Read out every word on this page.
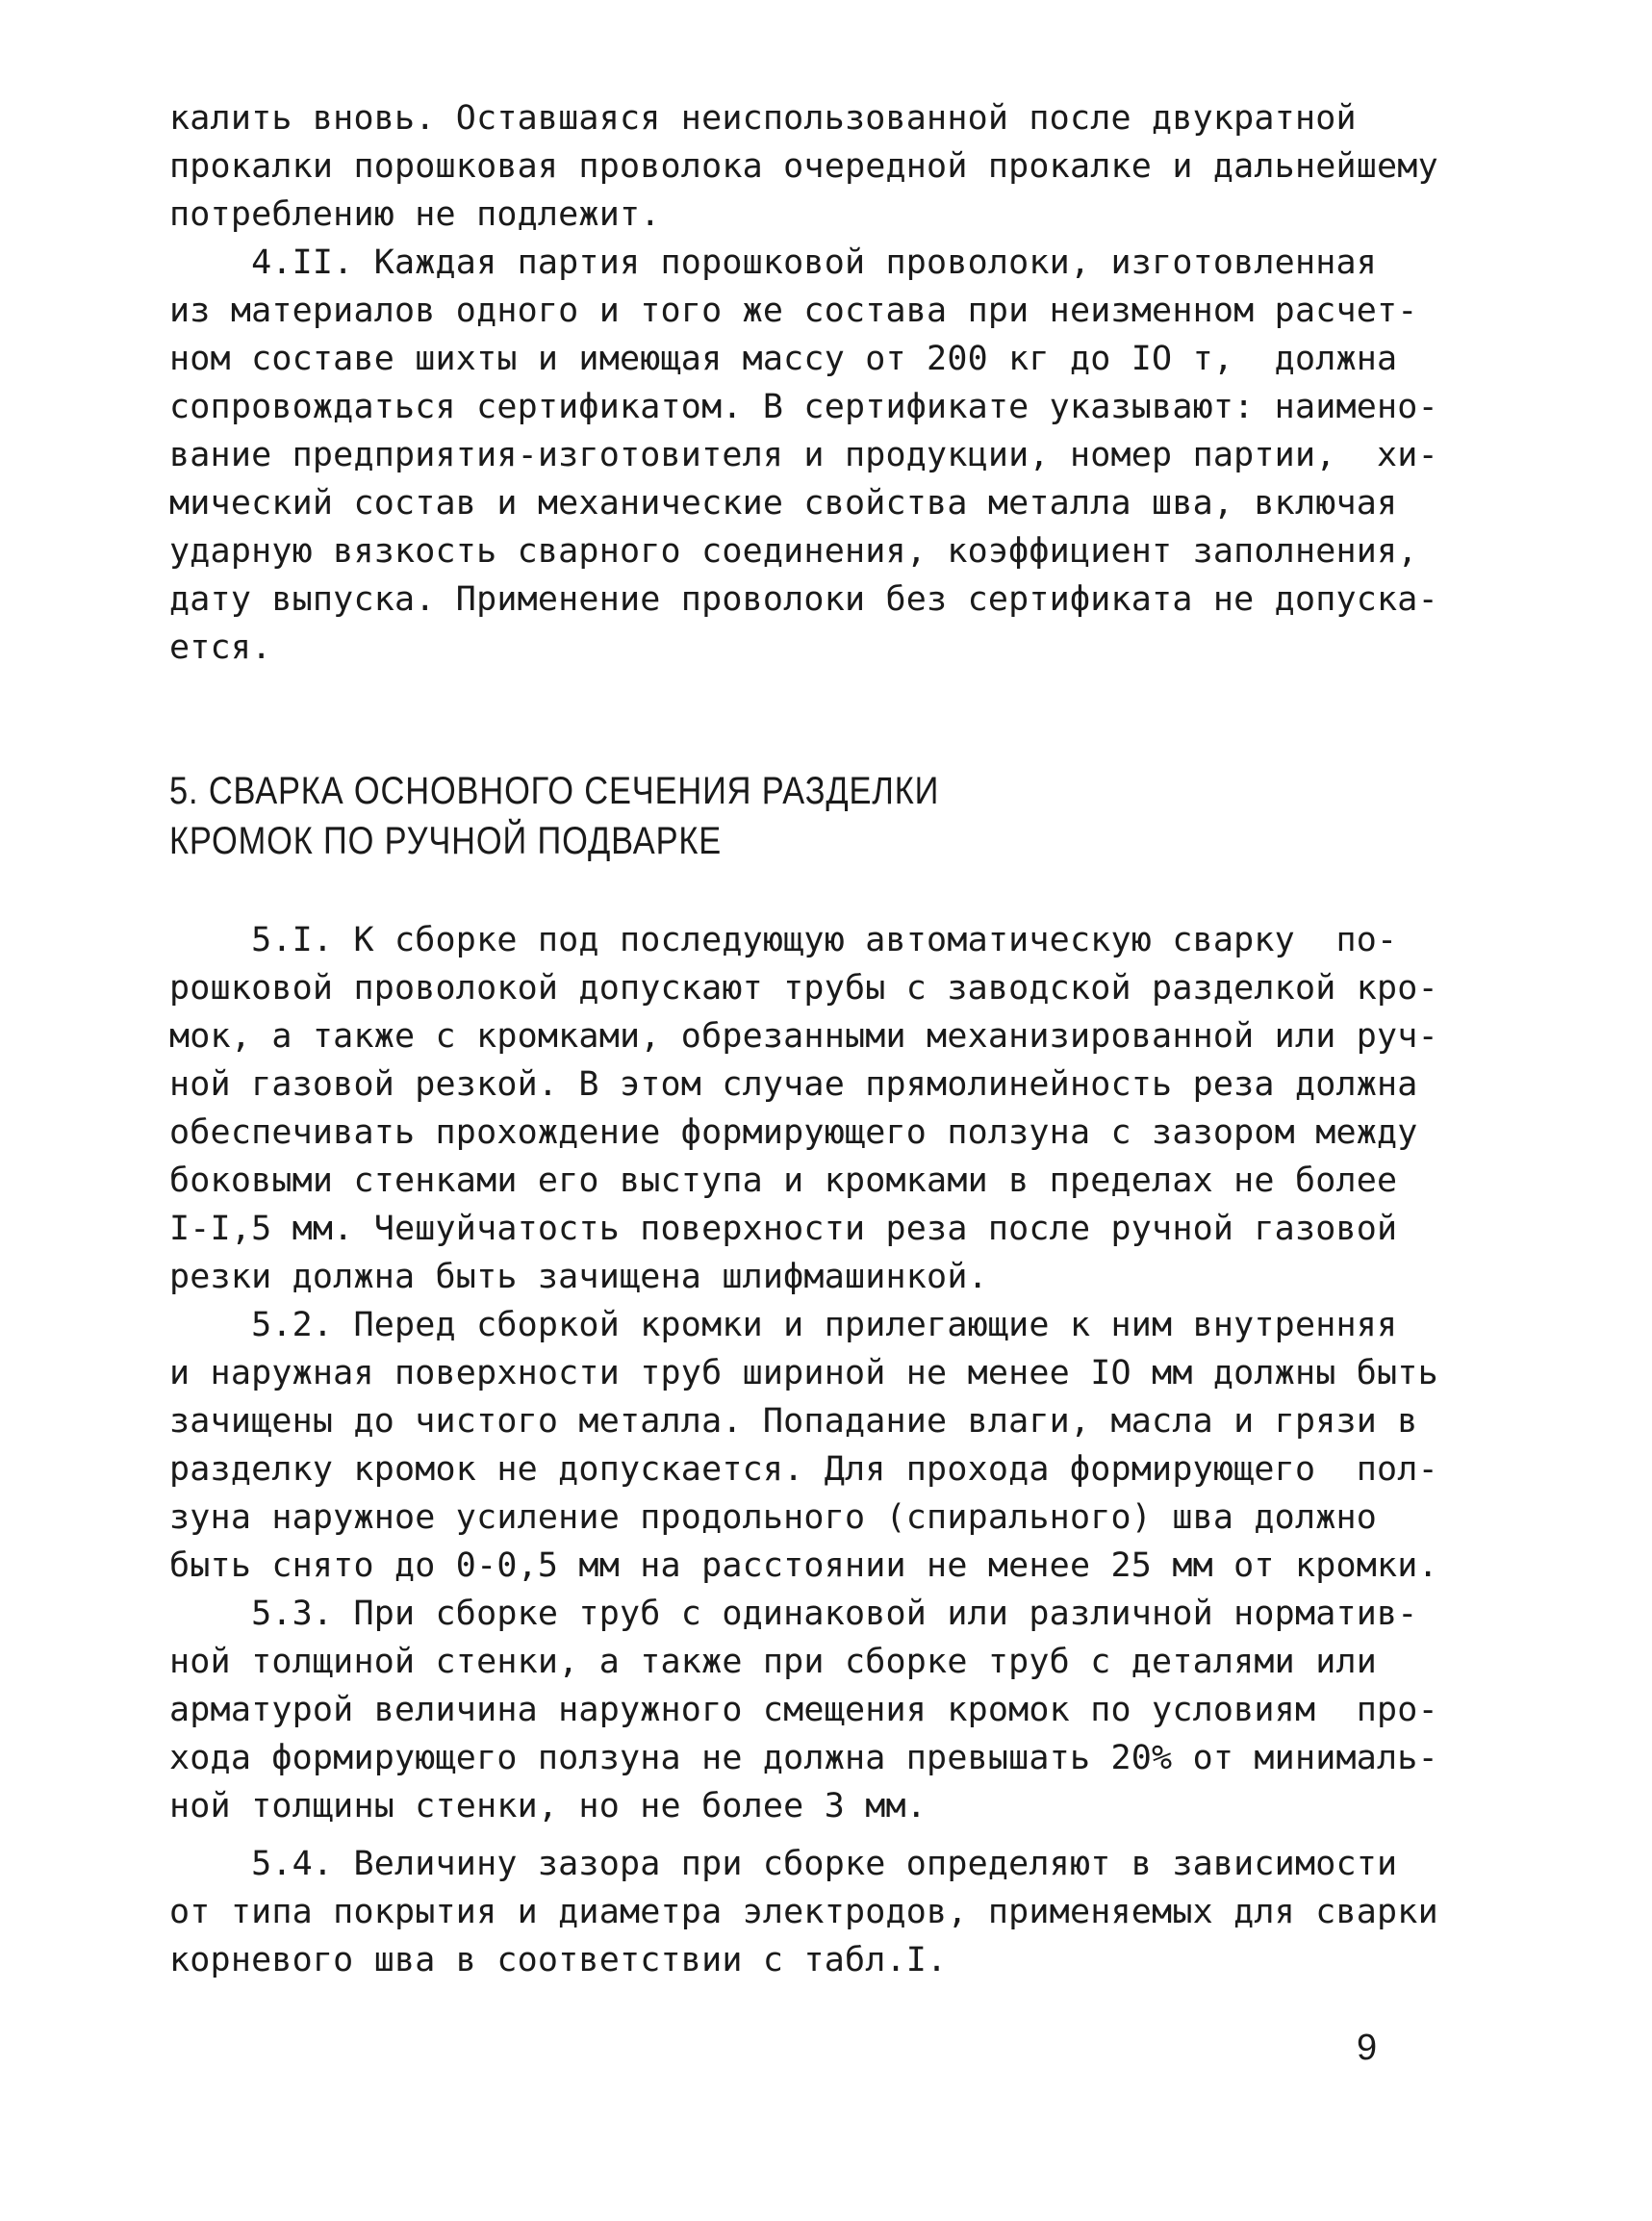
калить вновь. Оставшаяся неиспользованной после двукратной
прокалки порошковая проволока очередной прокалке и дальнейшему
потреблению не подлежит.
4.II. Каждая партия порошковой проволоки, изготовленная
из материалов одного и того же состава при неизменном расчет-
ном составе шихты и имеющая массу от 200 кг до IO т,  должна
сопровождаться сертификатом. В сертификате указывают: наимено-
вание предприятия-изготовителя и продукции, номер партии,  хи-
мический состав и механические свойства металла шва, включая
ударную вязкость сварного соединения, коэффициент заполнения,
дату выпуска. Применение проволоки без сертификата не допуска-
ется.
5. СВАРКА ОСНОВНОГО СЕЧЕНИЯ РАЗДЕЛКИ
КРОМОК ПО РУЧНОЙ ПОДВАРКЕ
5.I. К сборке под последующую автоматическую сварку  по-
рошковой проволокой допускают трубы с заводской разделкой кро-
мок, а также с кромками, обрезанными механизированной или руч-
ной газовой резкой. В этом случае прямолинейность реза должна
обеспечивать прохождение формирующего ползуна с зазором между
боковыми стенками его выступа и кромками в пределах не более
I-I,5 мм. Чешуйчатость поверхности реза после ручной газовой
резки должна быть зачищена шлифмашинкой.
5.2. Перед сборкой кромки и прилегающие к ним внутренняя
и наружная поверхности труб шириной не менее IO мм должны быть
зачищены до чистого металла. Попадание влаги, масла и грязи в
разделку кромок не допускается. Для прохода формирующего  пол-
зуна наружное усиление продольного (спирального) шва должно
быть снято до 0-0,5 мм на расстоянии не менее 25 мм от кромки.
5.3. При сборке труб с одинаковой или различной норматив-
ной толщиной стенки, а также при сборке труб с деталями или
арматурой величина наружного смещения кромок по условиям  про-
хода формирующего ползуна не должна превышать 20% от минималь-
ной толщины стенки, но не более 3 мм.
5.4. Величину зазора при сборке определяют в зависимости
от типа покрытия и диаметра электродов, применяемых для сварки
корневого шва в соответствии с табл.I.
9
